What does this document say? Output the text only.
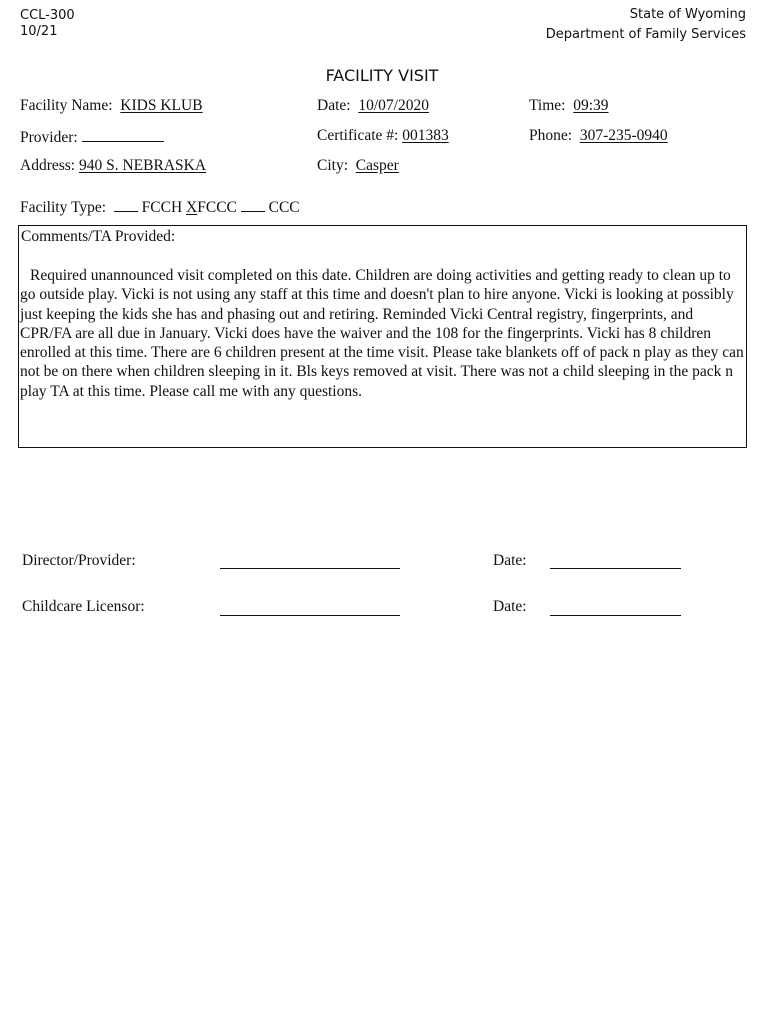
CCL-300
10/21
State of Wyoming
Department of Family Services
FACILITY VISIT
Facility Name: KIDS KLUB	Date: 10/07/2020	Time: 09:39
Provider:	Certificate #: 001383	Phone: 307-235-0940
Address: 940 S. NEBRASKA	City: Casper
Facility Type: FCCH XFCCC CCC
Comments/TA Provided:
Required unannounced visit completed on this date. Children are doing activities and getting ready to clean up to go outside play. Vicki is not using any staff at this time and doesn't plan to hire anyone. Vicki is looking at possibly just keeping the kids she has and phasing out and retiring. Reminded Vicki Central registry, fingerprints, and CPR/FA are all due in January. Vicki does have the waiver and the 108 for the fingerprints. Vicki has 8 children enrolled at this time. There are 6 children present at the time visit. Please take blankets off of pack n play as they can not be on there when children sleeping in it. Bls keys removed at visit. There was not a child sleeping in the pack n play TA at this time. Please call me with any questions.
Director/Provider:	Date:
Childcare Licensor:	Date:
